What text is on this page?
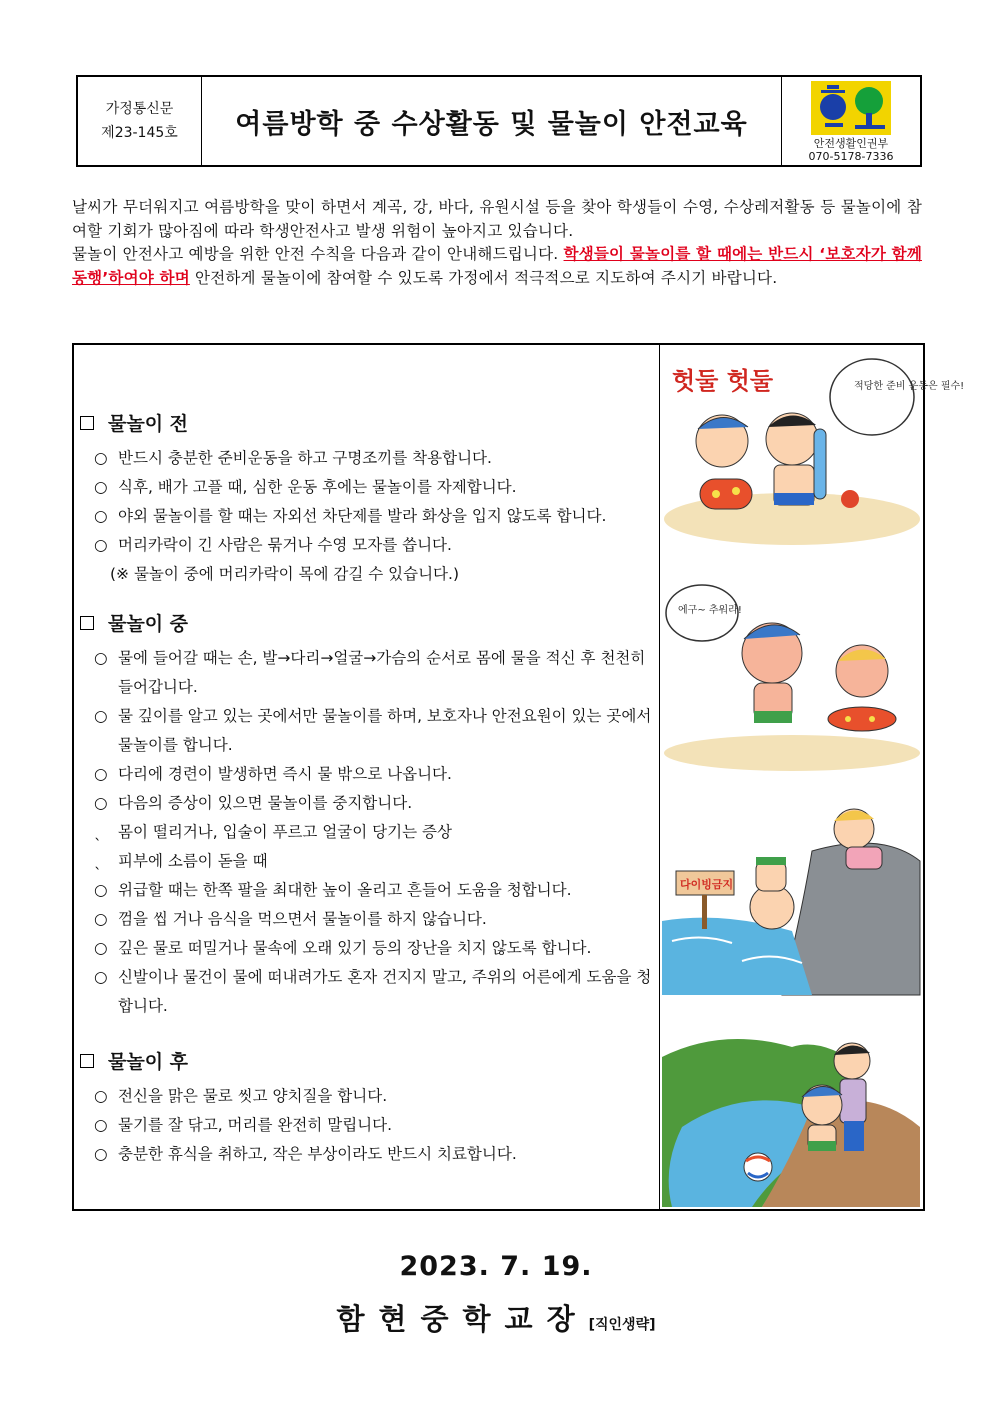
가정통신문
제23-145호	여름방학 중 수상활동 및 물놀이 안전교육
안전생활인권부
070-5178-7336

날씨가 무더워지고 여름방학을 맞이 하면서 계곡, 강, 바다, 유원시설 등을 찾아 학생들이 수영, 수상레저활동 등 물놀이에 참여할 기회가 많아짐에 따라 학생안전사고 발생 위험이 높아지고 있습니다.

물놀이 안전사고 예방을 위한 안전 수칙을 다음과 같이 안내해드립니다. 학생들이 물놀이를 할 때에는 반드시 ‘보호자가 함께 동행’하여야 하며 안전하게 물놀이에 참여할 수 있도록 가정에서 적극적으로 지도하여 주시기 바랍니다.

물놀이 전
○ 반드시 충분한 준비운동을 하고 구명조끼를 착용합니다.
○ 식후, 배가 고플 때, 심한 운동 후에는 물놀이를 자제합니다.
○ 야외 물놀이를 할 때는 자외선 차단제를 발라 화상을 입지 않도록 합니다.
○ 머리카락이 긴 사람은 묶거나 수영 모자를 씁니다.
(※ 물놀이 중에 머리카락이 목에 감길 수 있습니다.)
물놀이 중
○ 물에 들어갈 때는 손, 발→다리→얼굴→가슴의 순서로 몸에 물을 적신 후 천천히 들어갑니다.
○ 물 깊이를 알고 있는 곳에서만 물놀이를 하며, 보호자나 안전요원이 있는 곳에서 물놀이를 합니다.
○ 다리에 경련이 발생하면 즉시 물 밖으로 나옵니다.
○ 다음의 증상이 있으면 물놀이를 중지합니다.
ˎ	몸이 떨리거나, 입술이 푸르고 얼굴이 당기는 증상
ˎ	피부에 소름이 돋을 때
○ 위급할 때는 한쪽 팔을 최대한 높이 올리고 흔들어 도움을 청합니다.
○ 껌을 씹 거나 음식을 먹으면서 물놀이를 하지 않습니다.
○ 깊은 물로 떠밀거나 물속에 오래 있기 등의 장난을 치지 않도록 합니다.
○ 신발이나 물건이 물에 떠내려가도 혼자 건지지 말고, 주위의 어른에게 도움을 청합니다.
물놀이 후
○ 전신을 맑은 물로 씻고 양치질을 합니다.
○ 물기를 잘 닦고, 머리를 완전히 말립니다.
○ 충분한 휴식을 취하고, 작은 부상이라도 반드시 치료합니다.
헛둘 헛둘	적당한 준비 운동은 필수!
에구~ 추워라!
다이빙금지
2023. 7. 19.
함현중학교장[직인생략]
